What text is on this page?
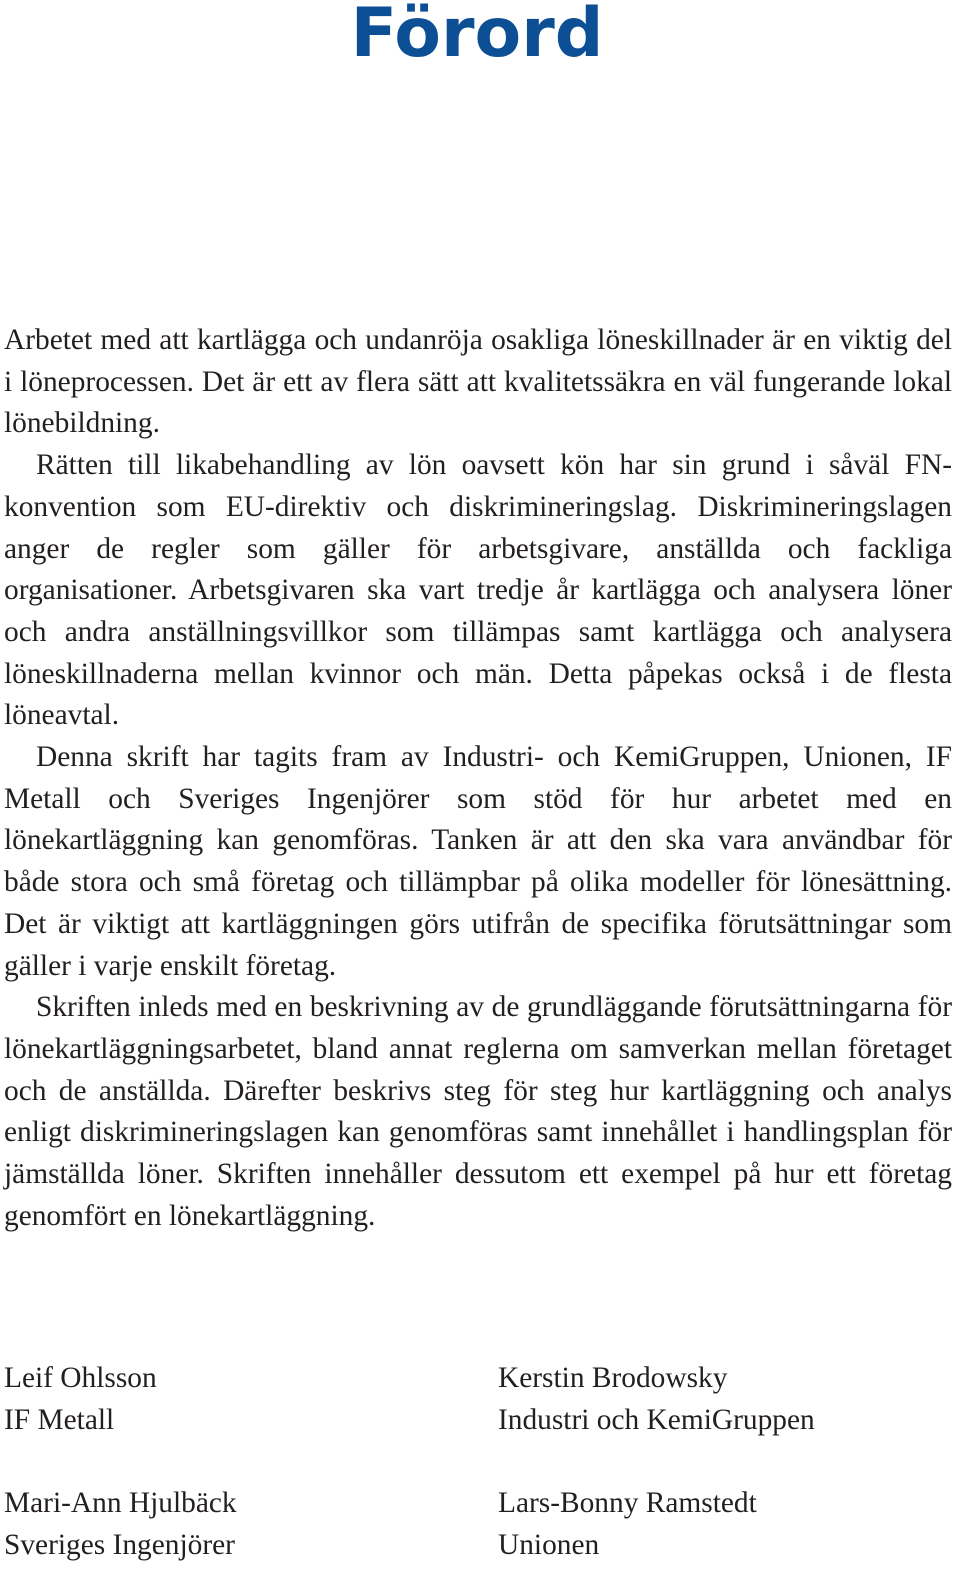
Förord

Arbetet med att kartlägga och undanröja osakliga löneskillnader är en viktig del i löneprocessen. Det är ett av flera sätt att kvalitetssäkra en väl fungerande lokal lönebildning.

Rätten till likabehandling av lön oavsett kön har sin grund i såväl FN-konvention som EU-direktiv och diskrimineringslag. Diskrimineringslagen anger de regler som gäller för arbetsgivare, anställda och fackliga organisationer. Arbetsgivaren ska vart tredje år kartlägga och analysera löner och andra anställningsvillkor som tillämpas samt kartlägga och analysera löneskillnaderna mellan kvinnor och män. Detta påpekas också i de flesta löneavtal.

Denna skrift har tagits fram av Industri- och KemiGruppen, Unionen, IF Metall och Sveriges Ingenjörer som stöd för hur arbetet med en lönekartläggning kan genomföras. Tanken är att den ska vara användbar för både stora och små företag och tillämpbar på olika modeller för lönesättning. Det är viktigt att kartläggningen görs utifrån de specifika förutsättningar som gäller i varje enskilt företag.

Skriften inleds med en beskrivning av de grundläggande förutsättningarna för lönekartläggningsarbetet, bland annat reglerna om samverkan mellan företaget och de anställda. Därefter beskrivs steg för steg hur kartläggning och analys enligt diskrimineringslagen kan genomföras samt innehållet i handlingsplan för jämställda löner. Skriften innehåller dessutom ett exempel på hur ett företag genomfört en lönekartläggning.

Leif Ohlsson
IF Metall
Kerstin Brodowsky
Industri och KemiGruppen
Mari-Ann Hjulbäck
Sveriges Ingenjörer
Lars-Bonny Ramstedt
Unionen
